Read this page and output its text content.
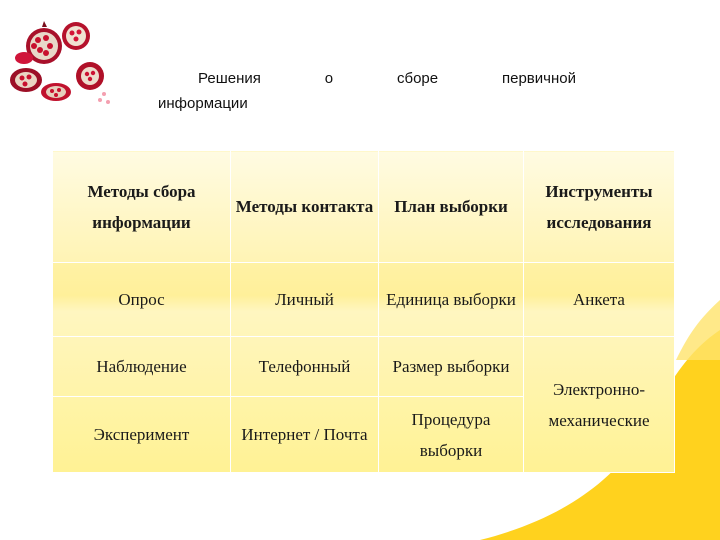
Решения	о	сборе	первичной
информации
Методы сбора информации	Методы контакта	План выборки	Инструменты исследования
Опрос	Личный	Единица выборки	Анкета
Наблюдение	Телефонный	Размер выборки	Электронно-механические
Эксперимент	Интернет / Почта	Процедура выборки	
